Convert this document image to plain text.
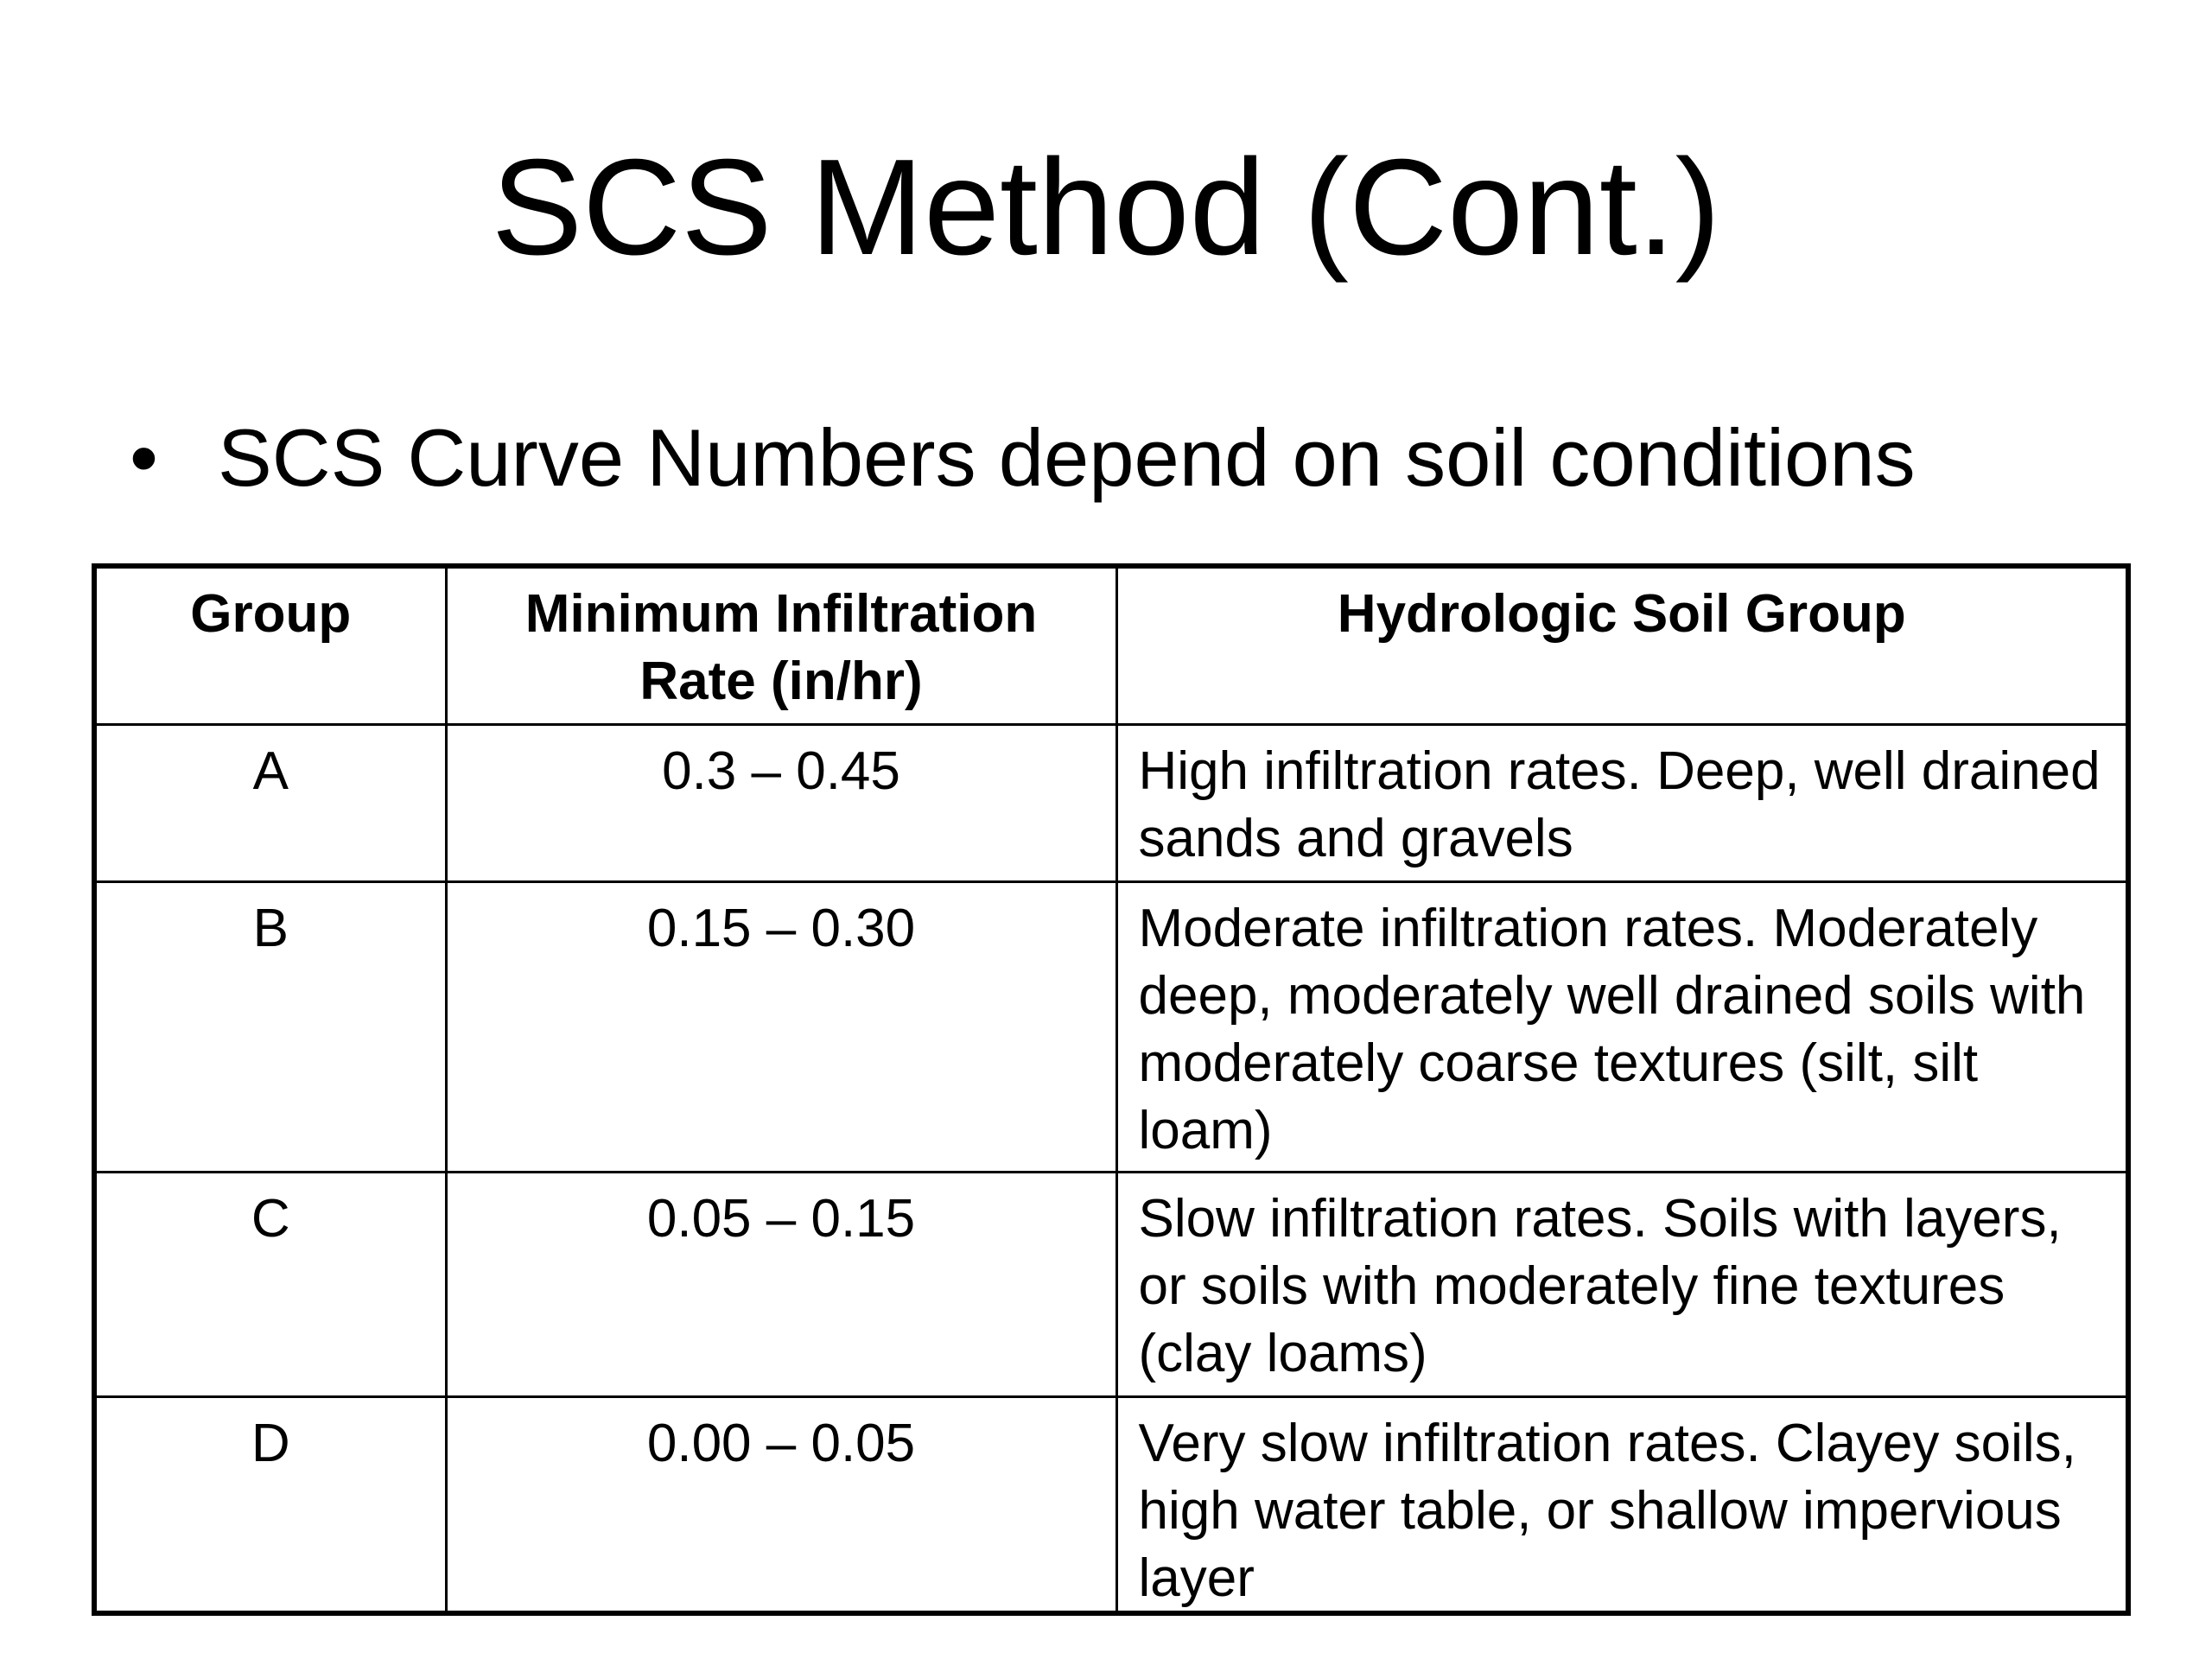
SCS Method (Cont.)
• SCS Curve Numbers depend on soil conditions
Group	Minimum Infiltration Rate (in/hr)	Hydrologic Soil Group
A	0.3 – 0.45	High infiltration rates. Deep, well drained sands and gravels
B	0.15 – 0.30	Moderate infiltration rates. Moderately deep, moderately well drained soils with moderately coarse textures (silt, silt loam)
C	0.05 – 0.15	Slow infiltration rates. Soils with layers, or soils with moderately fine textures (clay loams)
D	0.00 – 0.05	Very slow infiltration rates. Clayey soils, high water table, or shallow impervious layer
